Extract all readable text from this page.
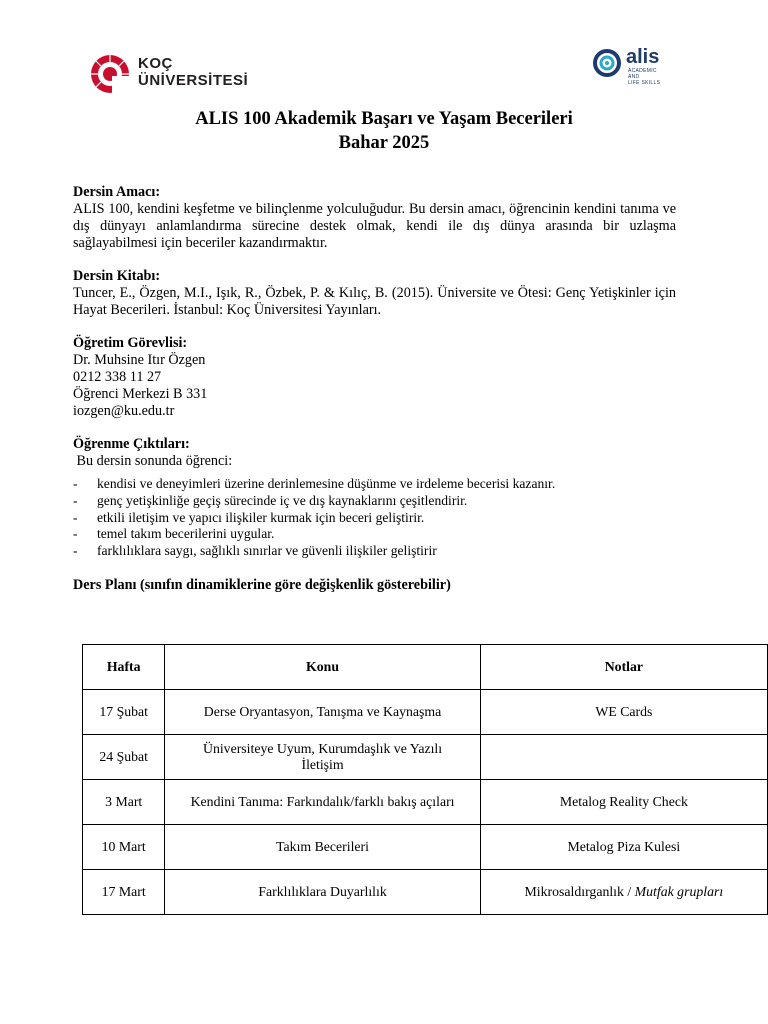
KOÇ
ÜNİVERSİTESİ
alis
ACADEMIC
AND
LIFE SKILLS
ALIS 100 Akademik Başarı ve Yaşam Becerileri
Bahar 2025
Dersin Amacı:
ALIS 100, kendini keşfetme ve bilinçlenme yolculuğudur. Bu dersin amacı, öğrencinin kendini tanıma ve dış dünyayı anlamlandırma sürecine destek olmak, kendi ile dış dünya arasında bir uzlaşma sağlayabilmesi için beceriler kazandırmaktır.
Dersin Kitabı:
Tuncer, E., Özgen, M.I., Işık, R., Özbek, P. & Kılıç, B. (2015). Üniversite ve Ötesi: Genç Yetişkinler için Hayat Becerileri. İstanbul: Koç Üniversitesi Yayınları.
Öğretim Görevlisi:
Dr. Muhsine Itır Özgen
0212 338 11 27
Öğrenci Merkezi B 331
iozgen@ku.edu.tr
Öğrenme Çıktıları:
Bu dersin sonunda öğrenci:
- kendisi ve deneyimleri üzerine derinlemesine düşünme ve irdeleme becerisi kazanır.
- genç yetişkinliğe geçiş sürecinde iç ve dış kaynaklarını çeşitlendirir.
- etkili iletişim ve yapıcı ilişkiler kurmak için beceri geliştirir.
- temel takım becerilerini uygular.
- farklılıklara saygı, sağlıklı sınırlar ve güvenli ilişkiler geliştirir
Ders Planı (sınıfın dinamiklerine göre değişkenlik gösterebilir)
Hafta	Konu	Notlar
17 Şubat	Derse Oryantasyon, Tanışma ve Kaynaşma	WE Cards
24 Şubat	Üniversiteye Uyum, Kurumdaşlık ve Yazılı
İletişim	

3 Mart	Kendini Tanıma: Farkındalık/farklı bakış açıları	Metalog Reality Check
10 Mart	Takım Becerileri	Metalog Piza Kulesi
17 Mart	Farklılıklara Duyarlılık	Mikrosaldırganlık / Mutfak grupları
